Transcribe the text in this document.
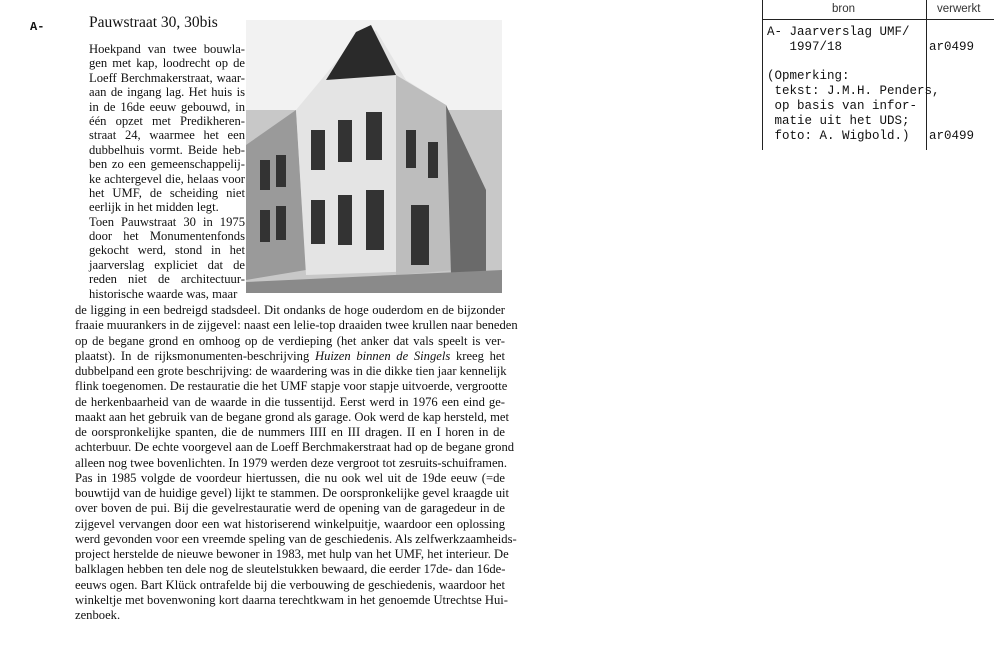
A-	Pauwstraat 30, 30bis
Hoekpand van twee bouwla-
gen met kap, loodrecht op de
Loeff Berchmakerstraat, waar-
aan de ingang lag. Het huis is
in de 16de eeuw gebouwd, in
één opzet met Predikheren-
straat 24, waarmee het een
dubbelhuis vormt. Beide heb-
ben zo een gemeenschappelij-
ke achtergevel die, helaas voor
het UMF, de scheiding niet
eerlijk in het midden legt.
Toen Pauwstraat 30 in 1975
door het Monumentenfonds
gekocht werd, stond in het
jaarverslag expliciet dat de
reden niet de architectuur-
historische waarde was, maar
de ligging in een bedreigd stadsdeel. Dit ondanks de hoge ouderdom en de bijzonder
fraaie muurankers in de zijgevel: naast een lelie-top draaiden twee krullen naar beneden
op de begane grond en omhoog op de verdieping (het anker dat vals speelt is ver-
plaatst). In de rijksmonumenten-beschrijving Huizen binnen de Singels kreeg het
dubbelpand een grote beschrijving: de waardering was in die dikke tien jaar kennelijk
flink toegenomen. De restauratie die het UMF stapje voor stapje uitvoerde, vergrootte
de herkenbaarheid van de waarde in die tussentijd. Eerst werd in 1976 een eind ge-
maakt aan het gebruik van de begane grond als garage. Ook werd de kap hersteld, met
de oorspronkelijke spanten, die de nummers IIII en III dragen. II en I horen in de
achterbuur. De echte voorgevel aan de Loeff Berchmakerstraat had op de begane grond
alleen nog twee bovenlichten. In 1979 werden deze vergroot tot zesruits-schuiframen.
Pas in 1985 volgde de voordeur hiertussen, die nu ook wel uit de 19de eeuw (=de
bouwtijd van de huidige gevel) lijkt te stammen. De oorspronkelijke gevel kraagde uit
over boven de pui. Bij die gevelrestauratie werd de opening van de garagedeur in de
zijgevel vervangen door een wat historiserend winkelpuitje, waardoor een oplossing
werd gevonden voor een vreemde speling van de geschiedenis. Als zelfwerkzaamheids-
project herstelde de nieuwe bewoner in 1983, met hulp van het UMF, het interieur. De
balklagen hebben ten dele nog de sleutelstukken bewaard, die eerder 17de- dan 16de-
eeuws ogen. Bart Klück ontrafelde bij die verbouwing de geschiedenis, waardoor het
winkeltje met bovenwoning kort daarna terechtkwam in het genoemde Utrechtse Hui-
zenboek.
bron	verwerkt
A- Jaarverslag UMF/
1997/18	ar0499
(Opmerking:
tekst: J.M.H. Penders,
op basis van infor-
matie uit het UDS;
foto: A. Wigbold.)	ar0499
